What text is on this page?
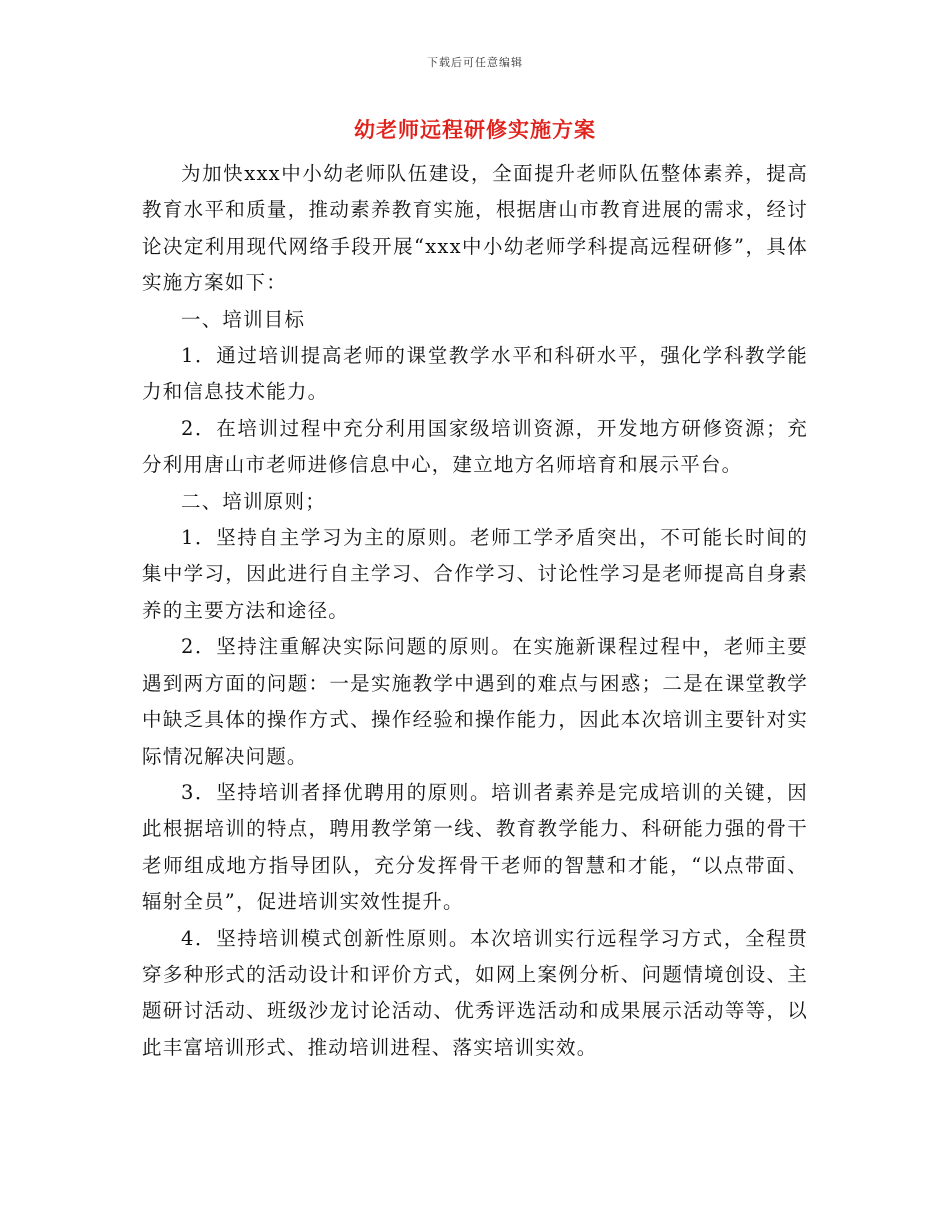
下载后可任意编辑
幼老师远程研修实施方案

为加快xxx中小幼老师队伍建设，全面提升老师队伍整体素养，提高教育水平和质量，推动素养教育实施，根据唐山市教育进展的需求，经讨论决定利用现代网络手段开展“xxx中小幼老师学科提高远程研修”，具体实施方案如下：

一、培训目标

1．通过培训提高老师的课堂教学水平和科研水平，强化学科教学能力和信息技术能力。

2．在培训过程中充分利用国家级培训资源，开发地方研修资源；充分利用唐山市老师进修信息中心，建立地方名师培育和展示平台。

二、培训原则；

1．坚持自主学习为主的原则。老师工学矛盾突出，不可能长时间的集中学习，因此进行自主学习、合作学习、讨论性学习是老师提高自身素养的主要方法和途径。

2．坚持注重解决实际问题的原则。在实施新课程过程中，老师主要遇到两方面的问题：一是实施教学中遇到的难点与困惑；二是在课堂教学中缺乏具体的操作方式、操作经验和操作能力，因此本次培训主要针对实际情况解决问题。

3．坚持培训者择优聘用的原则。培训者素养是完成培训的关键，因此根据培训的特点，聘用教学第一线、教育教学能力、科研能力强的骨干老师组成地方指导团队，充分发挥骨干老师的智慧和才能，“以点带面、辐射全员”，促进培训实效性提升。

4．坚持培训模式创新性原则。本次培训实行远程学习方式，全程贯穿多种形式的活动设计和评价方式，如网上案例分析、问题情境创设、主题研讨活动、班级沙龙讨论活动、优秀评选活动和成果展示活动等等，以此丰富培训形式、推动培训进程、落实培训实效。
